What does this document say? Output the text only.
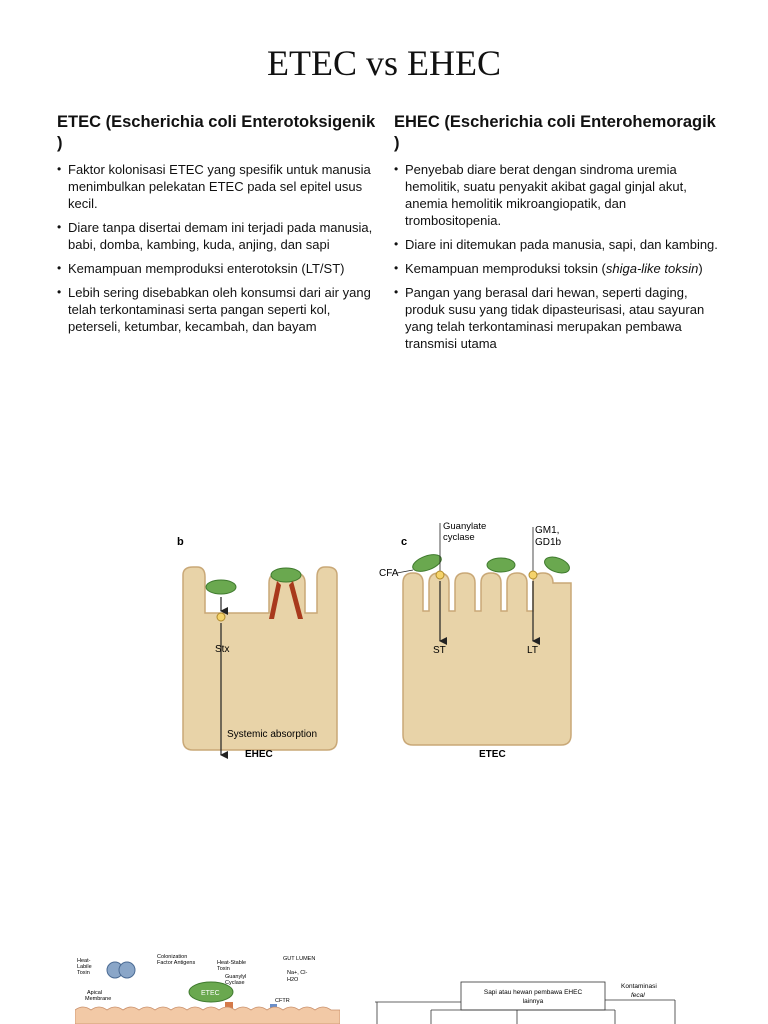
ETEC vs EHEC
ETEC (Escherichia coli Enterotoksigenik )
• Faktor kolonisasi ETEC yang spesifik untuk manusia menimbulkan pelekatan ETEC pada sel epitel usus kecil.
• Diare tanpa disertai demam ini terjadi pada manusia, babi, domba, kambing, kuda, anjing, dan sapi
• Kemampuan memproduksi enterotoksin (LT/ST)
• Lebih sering disebabkan oleh konsumsi dari air yang telah terkontaminasi serta pangan seperti kol, peterseli, ketumbar, kecambah, dan bayam
EHEC (Escherichia coli Enterohemoragik )
• Penyebab diare berat dengan sindroma uremia hemolitik, suatu penyakit akibat gagal ginjal akut, anemia hemolitik mikroangiopatik, dan trombositopenia.
• Diare ini ditemukan pada manusia, sapi, dan kambing.
• Kemampuan memproduksi toksin (shiga-like toksin)
• Pangan yang berasal dari hewan, seperti daging, produk susu yang tidak dipasteurisasi, atau sayuran yang telah terkontaminasi merupakan pembawa transmisi utama
b
Stx
Systemic absorption
EHEC
c
CFA
Guanylate
cyclase
GM1,
GD1b
ST	LT
ETEC
Heat-
Labile
Toxin
Colonization
Factor Antigens	Heat-Stable
Toxin
Guanylyl
Cyclase
GUT LUMEN
Na+, Cl-
H2O
CFTR
Apical
Membrane
ETEC	Sapi atau hewan pembawa EHEC
lainnya
Kontaminasi
fecal
